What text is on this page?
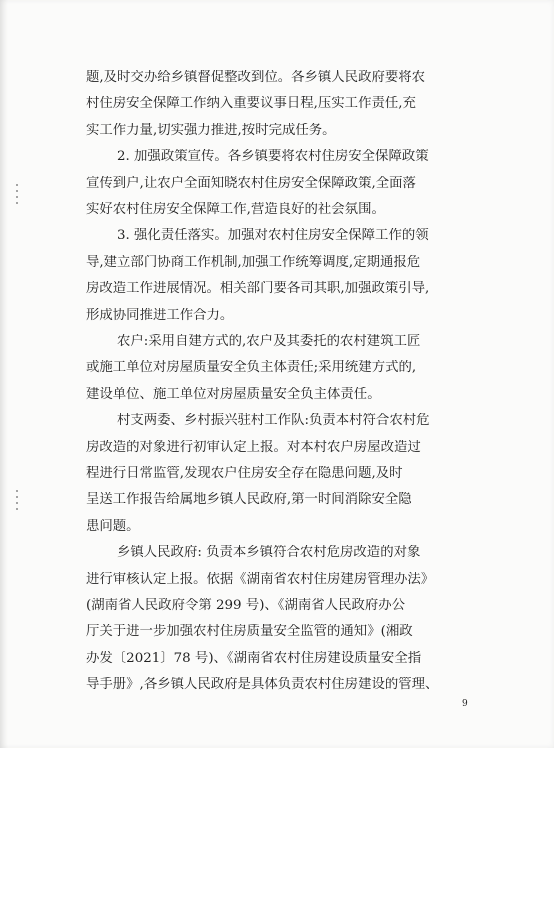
题,及时交办给乡镇督促整改到位。各乡镇人民政府要将农
村住房安全保障工作纳入重要议事日程,压实工作责任,充
实工作力量,切实强力推进,按时完成任务。
2. 加强政策宣传。各乡镇要将农村住房安全保障政策
宣传到户,让农户全面知晓农村住房安全保障政策,全面落
实好农村住房安全保障工作,营造良好的社会氛围。
3. 强化责任落实。加强对农村住房安全保障工作的领
导,建立部门协商工作机制,加强工作统筹调度,定期通报危
房改造工作进展情况。相关部门要各司其职,加强政策引导,
形成协同推进工作合力。
农户:采用自建方式的,农户及其委托的农村建筑工匠
或施工单位对房屋质量安全负主体责任;采用统建方式的,
建设单位、施工单位对房屋质量安全负主体责任。
村支两委、乡村振兴驻村工作队:负责本村符合农村危
房改造的对象进行初审认定上报。对本村农户房屋改造过
程进行日常监管,发现农户住房安全存在隐患问题,及时
呈送工作报告给属地乡镇人民政府,第一时间消除安全隐
患问题。
乡镇人民政府: 负责本乡镇符合农村危房改造的对象
进行审核认定上报。依据《湖南省农村住房建房管理办法》
(湖南省人民政府令第 299 号)、《湖南省人民政府办公
厅关于进一步加强农村住房质量安全监管的通知》(湘政
办发〔2021〕78 号)、《湖南省农村住房建设质量安全指
导手册》,各乡镇人民政府是具体负责农村住房建设的管理、
9
